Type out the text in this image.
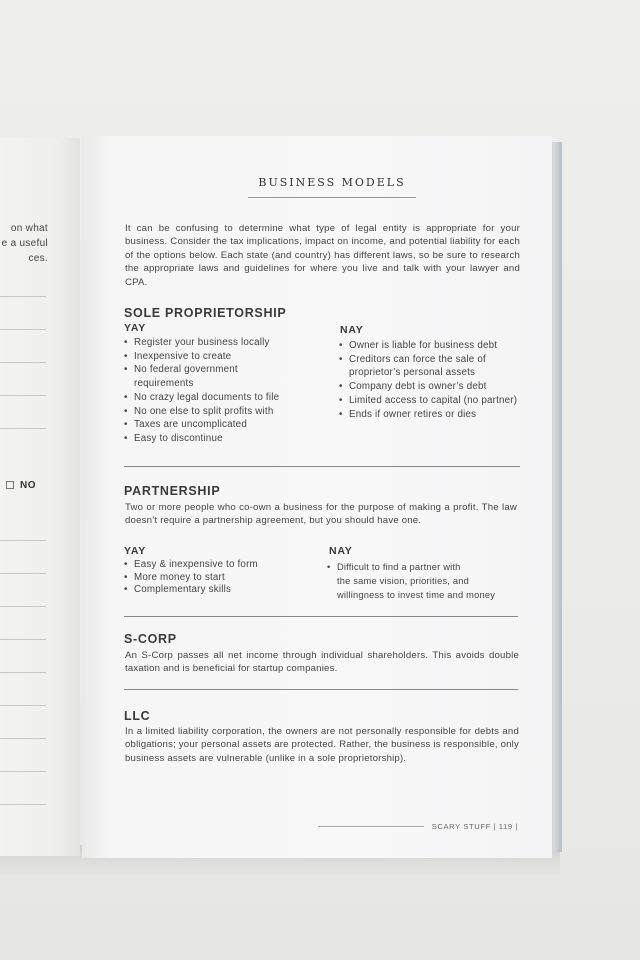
on what
e a useful
ces.
NO
BUSINESS MODELS
It can be confusing to determine what type of legal entity is appropriate for your business. Consider the tax implications, impact on income, and potential liability for each of the options below. Each state (and country) has different laws, so be sure to research the appropriate laws and guidelines for where you live and talk with your lawyer and CPA.
SOLE PROPRIETORSHIP
YAY
• Register your business locally
• Inexpensive to create
• No federal government
requirements
• No crazy legal documents to file
• No one else to split profits with
• Taxes are uncomplicated
• Easy to discontinue
NAY
• Owner is liable for business debt
• Creditors can force the sale of
proprietor’s personal assets
• Company debt is owner’s debt
• Limited access to capital (no partner)
• Ends if owner retires or dies
PARTNERSHIP
Two or more people who co-own a business for the purpose of making a profit. The law doesn’t require a partnership agreement, but you should have one.
YAY
• Easy & inexpensive to form
• More money to start
• Complementary skills
NAY
• Difficult to find a partner with
the same vision, priorities, and
willingness to invest time and money
S-CORP
An S-Corp passes all net income through individual shareholders. This avoids double taxation and is beneficial for startup companies.
LLC
In a limited liability corporation, the owners are not personally responsible for debts and obligations; your personal assets are protected. Rather, the business is responsible, only business assets are vulnerable (unlike in a sole proprietorship).
SCARY STUFF | 119 |
